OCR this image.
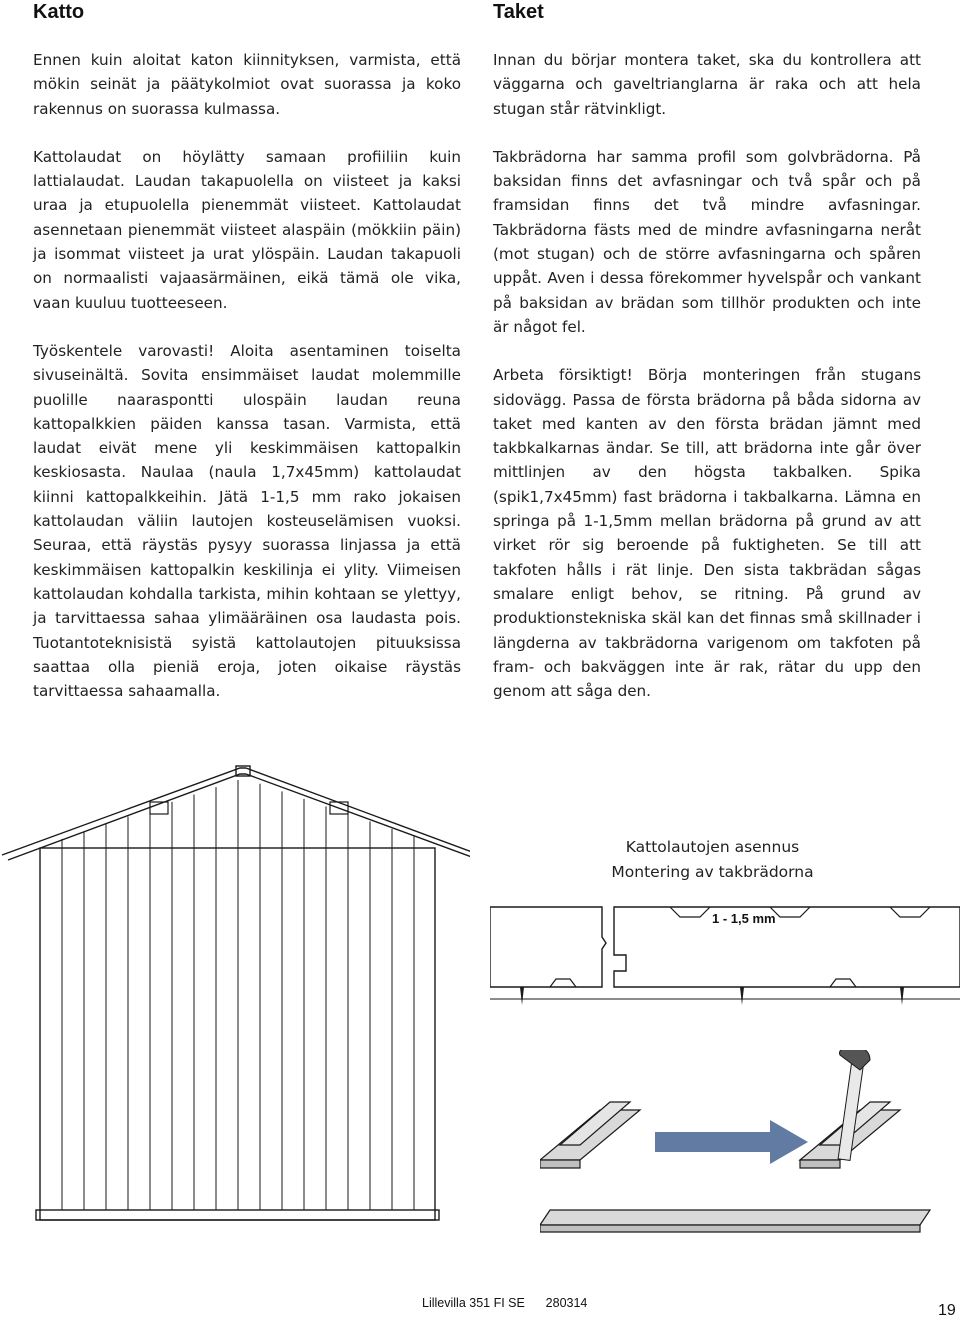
Katto

Ennen kuin aloitat katon kiinnityksen, varmista, että mökin seinät ja päätykolmiot ovat suorassa ja koko rakennus on suorassa kulmassa.

Kattolaudat on höylätty samaan profiiliin kuin lattialaudat. Laudan takapuolella on viisteet ja kaksi uraa ja etupuolella pienemmät viisteet. Kattolaudat asennetaan pienemmät viisteet alaspäin (mökkiin päin) ja isommat viisteet ja urat ylöspäin. Laudan takapuoli on normaalisti vajaasärmäinen, eikä tämä ole vika, vaan kuuluu tuotteeseen.

Työskentele varovasti! Aloita asentaminen toiselta sivuseinältä. Sovita ensimmäiset laudat molemmille puolille naaraspontti ulospäin laudan reuna kattopalkkien päiden kanssa tasan. Varmista, että laudat eivät mene yli keskimmäisen kattopalkin keskiosasta. Naulaa (naula 1,7x45mm) kattolaudat kiinni kattopalkkeihin. Jätä 1-1,5 mm rako jokaisen kattolaudan väliin lautojen kosteuselämisen vuoksi. Seuraa, että räystäs pysyy suorassa linjassa ja että keskimmäisen kattopalkin keskilinja ei ylity. Viimeisen kattolaudan kohdalla tarkista, mihin kohtaan se ylettyy, ja tarvittaessa sahaa ylimääräinen osa laudasta pois. Tuotantoteknisistä syistä kattolautojen pituuksissa saattaa olla pieniä eroja, joten oikaise räystäs tarvittaessa sahaamalla.

Taket

Innan du börjar montera taket, ska du kontrollera att väggarna och gaveltrianglarna är raka och att hela stugan står rätvinkligt.

Takbrädorna har samma profil som golvbrädorna. På baksidan finns det avfasningar och två spår och på framsidan finns det två mindre avfasningar. Takbrädorna fästs med de mindre avfasningarna neråt (mot stugan) och de större avfasningarna och spåren uppåt. Aven i dessa förekommer hyvelspår och vankant på baksidan av brädan som tillhör produkten och inte är något fel.

Arbeta försiktigt! Börja monteringen från stugans sidovägg. Passa de första brädorna på båda sidorna av taket med kanten av den första brädan jämnt med takbkalkarnas ändar. Se till, att brädorna inte går över mittlinjen av den högsta takbalken. Spika (spik1,7x45mm) fast brädorna i takbalkarna. Lämna en springa på 1-1,5mm mellan brädorna på grund av att virket rör sig beroende på fuktigheten. Se till att takfoten hålls i rät linje. Den sista takbrädan sågas smalare enligt behov, se ritning. På grund av produktionstekniska skäl kan det finnas små skillnader i längderna av takbrädorna varigenom om takfoten på fram- och bakväggen inte är rak, rätar du upp den genom att såga den.

Kattolautojen asennus
Montering av takbrädorna
1 - 1,5 mm
Lillevilla 351 FI SE 280314	19
